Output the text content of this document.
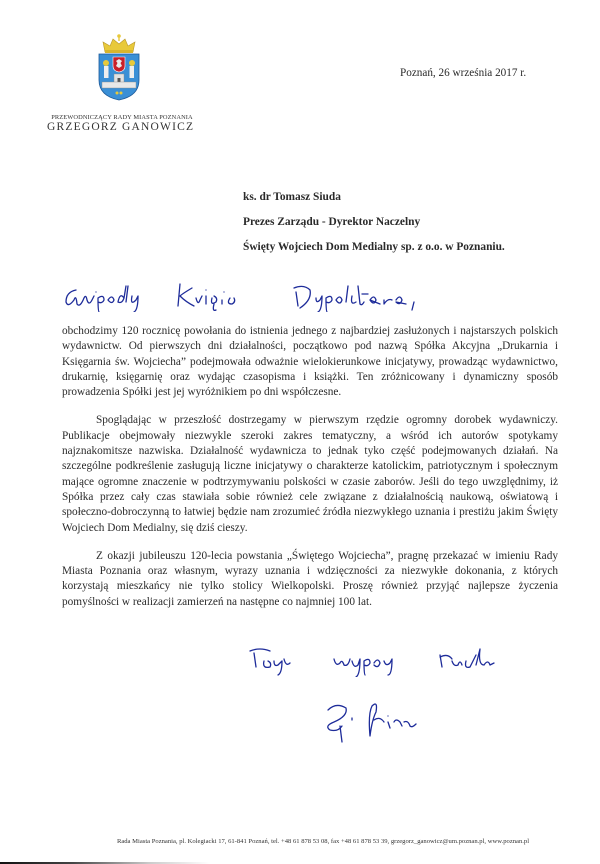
PRZEWODNICZĄCY RADY MIASTA POZNANIA
GRZEGORZ GANOWICZ
Poznań, 26 września 2017 r.
ks. dr Tomasz Siuda
Prezes Zarządu - Dyrektor Naczelny
Święty Wojciech Dom Medialny sp. z o.o. w Poznaniu.

obchodzimy 120 rocznicę powołania do istnienia jednego z najbardziej zasłużonych i najstarszych polskich wydawnictw. Od pierwszych dni działalności, początkowo pod nazwą Spółka Akcyjna „Drukarnia i Księgarnia św. Wojciecha” podejmowała odważnie wielokierunkowe inicjatywy, prowadząc wydawnictwo, drukarnię, księgarnię oraz wydając czasopisma i książki. Ten zróżnicowany i dynamiczny sposób prowadzenia Spółki jest jej wyróżnikiem po dni współczesne.

Spoglądając w przeszłość dostrzegamy w pierwszym rzędzie ogromny dorobek wydawniczy. Publikacje obejmowały niezwykle szeroki zakres tematyczny, a wśród ich autorów spotykamy najznakomitsze nazwiska. Działalność wydawnicza to jednak tyko część podejmowanych działań. Na szczególne podkreślenie zasługują liczne inicjatywy o charakterze katolickim, patriotycznym i społecznym mające ogromne znaczenie w podtrzymywaniu polskości w czasie zaborów. Jeśli do tego uwzględnimy, iż Spółka przez cały czas stawiała sobie również cele związane z działalnością naukową, oświatową i społeczno-dobroczynną to łatwiej będzie nam zrozumieć źródła niezwykłego uznania i prestiżu jakim Święty Wojciech Dom Medialny, się dziś cieszy.

Z okazji jubileuszu 120-lecia powstania „Świętego Wojciecha”, pragnę przekazać w imieniu Rady Miasta Poznania oraz własnym, wyrazy uznania i wdzięczności za niezwykłe dokonania, z których korzystają mieszkańcy nie tylko stolicy Wielkopolski. Proszę również przyjąć najlepsze życzenia pomyślności w realizacji zamierzeń na następne co najmniej 100 lat.

Rada Miasta Poznania, pl. Kolegiacki 17, 61-841 Poznań, tel. +48 61 878 53 08, fax +48 61 878 53 39, grzegorz_ganowicz@um.poznan.pl, www.poznan.pl
